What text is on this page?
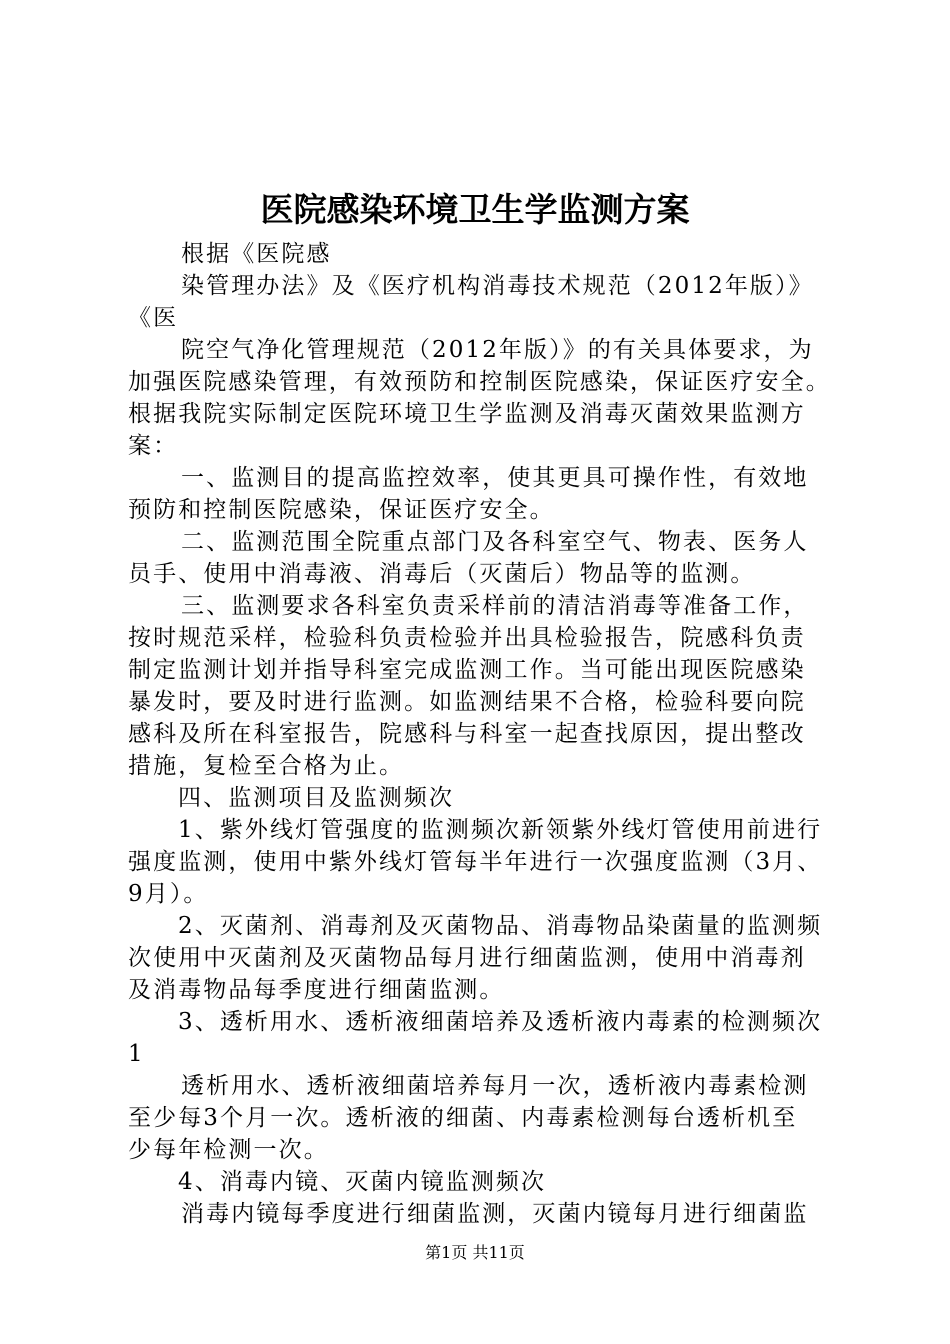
医院感染环境卫生学监测方案
根据《医院感
染管理办法》及《医疗机构消毒技术规范（2012年版）》
《医
院空气净化管理规范（2012年版）》的有关具体要求，为
加强医院感染管理，有效预防和控制医院感染，保证医疗安全。
根据我院实际制定医院环境卫生学监测及消毒灭菌效果监测方
案：
一、监测目的提高监控效率，使其更具可操作性，有效地
预防和控制医院感染，保证医疗安全。
二、监测范围全院重点部门及各科室空气、物表、医务人
员手、使用中消毒液、消毒后（灭菌后）物品等的监测。
三、监测要求各科室负责采样前的清洁消毒等准备工作，
按时规范采样，检验科负责检验并出具检验报告，院感科负责
制定监测计划并指导科室完成监测工作。当可能出现医院感染
暴发时，要及时进行监测。如监测结果不合格，检验科要向院
感科及所在科室报告，院感科与科室一起查找原因，提出整改
措施，复检至合格为止。
四、监测项目及监测频次
1、紫外线灯管强度的监测频次新领紫外线灯管使用前进行
强度监测，使用中紫外线灯管每半年进行一次强度监测（3月、
9月）。
2、灭菌剂、消毒剂及灭菌物品、消毒物品染菌量的监测频
次使用中灭菌剂及灭菌物品每月进行细菌监测，使用中消毒剂
及消毒物品每季度进行细菌监测。
3、透析用水、透析液细菌培养及透析液内毒素的检测频次
1
透析用水、透析液细菌培养每月一次，透析液内毒素检测
至少每3个月一次。透析液的细菌、内毒素检测每台透析机至
少每年检测一次。
4、消毒内镜、灭菌内镜监测频次
消毒内镜每季度进行细菌监测，灭菌内镜每月进行细菌监
第1页 共11页
